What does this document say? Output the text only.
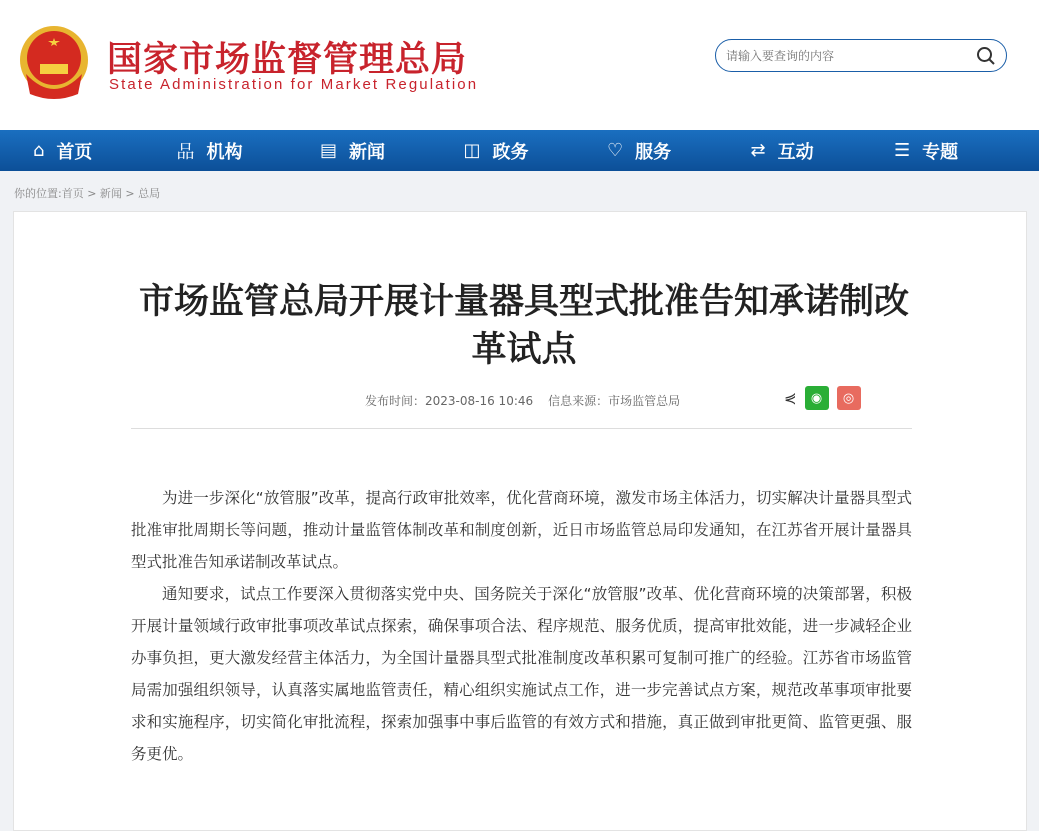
国家市场监督管理总局
State Administration for Market Regulation
请输入要查询的内容
⌂ 首页	品 机构	▤ 新闻	◫ 政务	♡ 服务	⇄ 互动	☰ 专题
你的位置:首页 > 新闻 > 总局
市场监管总局开展计量器具型式批准告知承诺制改革试点
发布时间：2023-08-16 10:46 信息来源：市场监管总局	⋞	◉	◎

为进一步深化“放管服”改革，提高行政审批效率，优化营商环境，激发市场主体活力，切实解决计量器具型式批准审批周期长等问题，推动计量监管体制改革和制度创新，近日市场监管总局印发通知，在江苏省开展计量器具型式批准告知承诺制改革试点。

通知要求，试点工作要深入贯彻落实党中央、国务院关于深化“放管服”改革、优化营商环境的决策部署，积极开展计量领域行政审批事项改革试点探索，确保事项合法、程序规范、服务优质，提高审批效能，进一步减轻企业办事负担，更大激发经营主体活力，为全国计量器具型式批准制度改革积累可复制可推广的经验。江苏省市场监管局需加强组织领导，认真落实属地监管责任，精心组织实施试点工作，进一步完善试点方案，规范改革事项审批要求和实施程序，切实简化审批流程，探索加强事中事后监管的有效方式和措施，真正做到审批更简、监管更强、服务更优。
